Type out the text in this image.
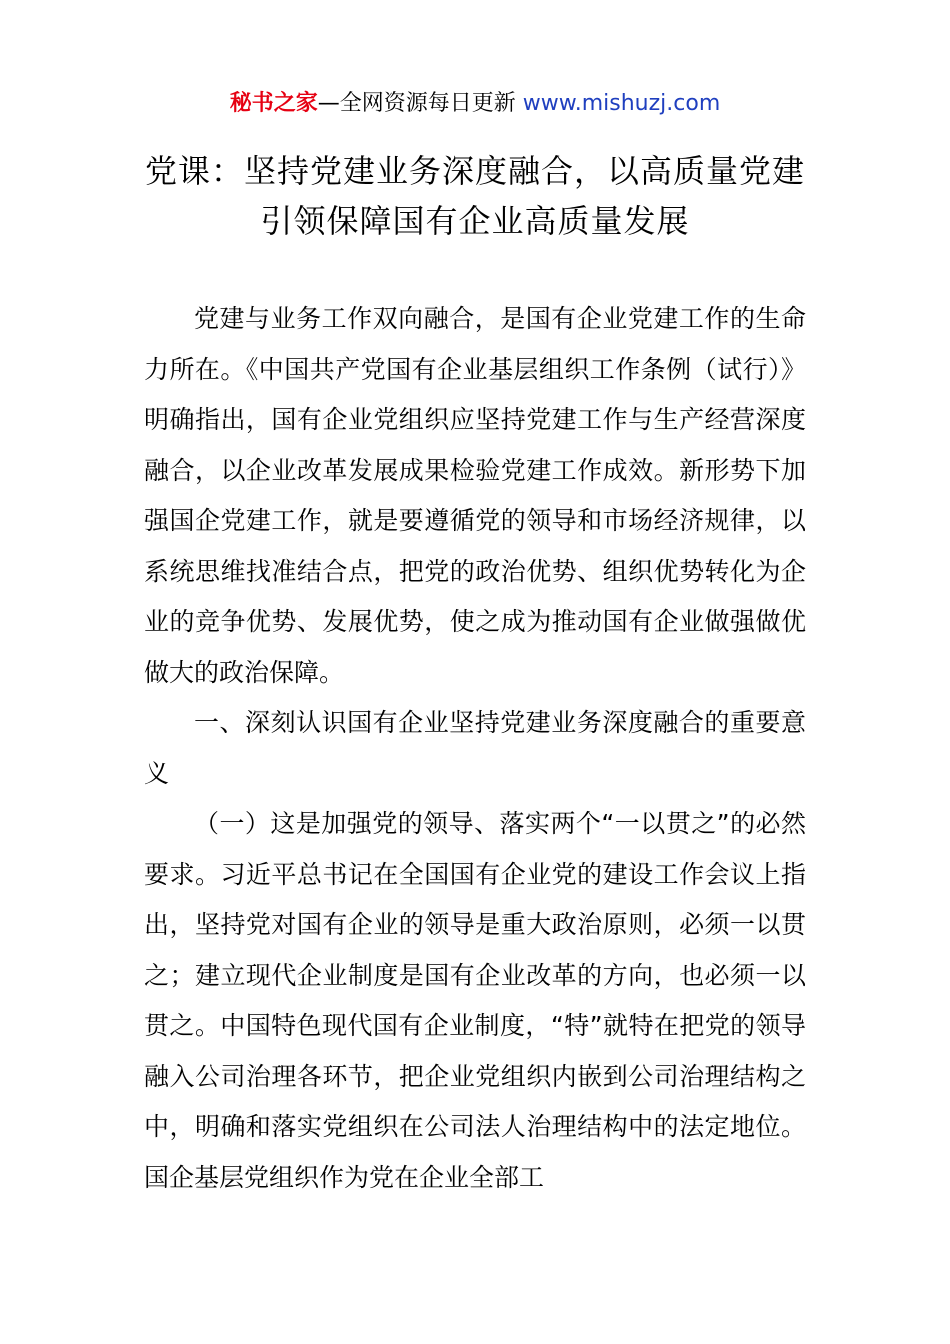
秘书之家—全网资源每日更新 www.mishuzj.com
党课：坚持党建业务深度融合，以高质量党建
引领保障国有企业高质量发展

党建与业务工作双向融合，是国有企业党建工作的生命力所在。《中国共产党国有企业基层组织工作条例（试行）》明确指出，国有企业党组织应坚持党建工作与生产经营深度融合，以企业改革发展成果检验党建工作成效。新形势下加强国企党建工作，就是要遵循党的领导和市场经济规律，以系统思维找准结合点，把党的政治优势、组织优势转化为企业的竞争优势、发展优势，使之成为推动国有企业做强做优做大的政治保障。

一、深刻认识国有企业坚持党建业务深度融合的重要意义

（一）这是加强党的领导、落实两个“一以贯之”的必然要求。习近平总书记在全国国有企业党的建设工作会议上指出，坚持党对国有企业的领导是重大政治原则，必须一以贯之；建立现代企业制度是国有企业改革的方向，也必须一以贯之。中国特色现代国有企业制度，“特”就特在把党的领导融入公司治理各环节，把企业党组织内嵌到公司治理结构之中，明确和落实党组织在公司法人治理结构中的法定地位。国企基层党组织作为党在企业全部工
